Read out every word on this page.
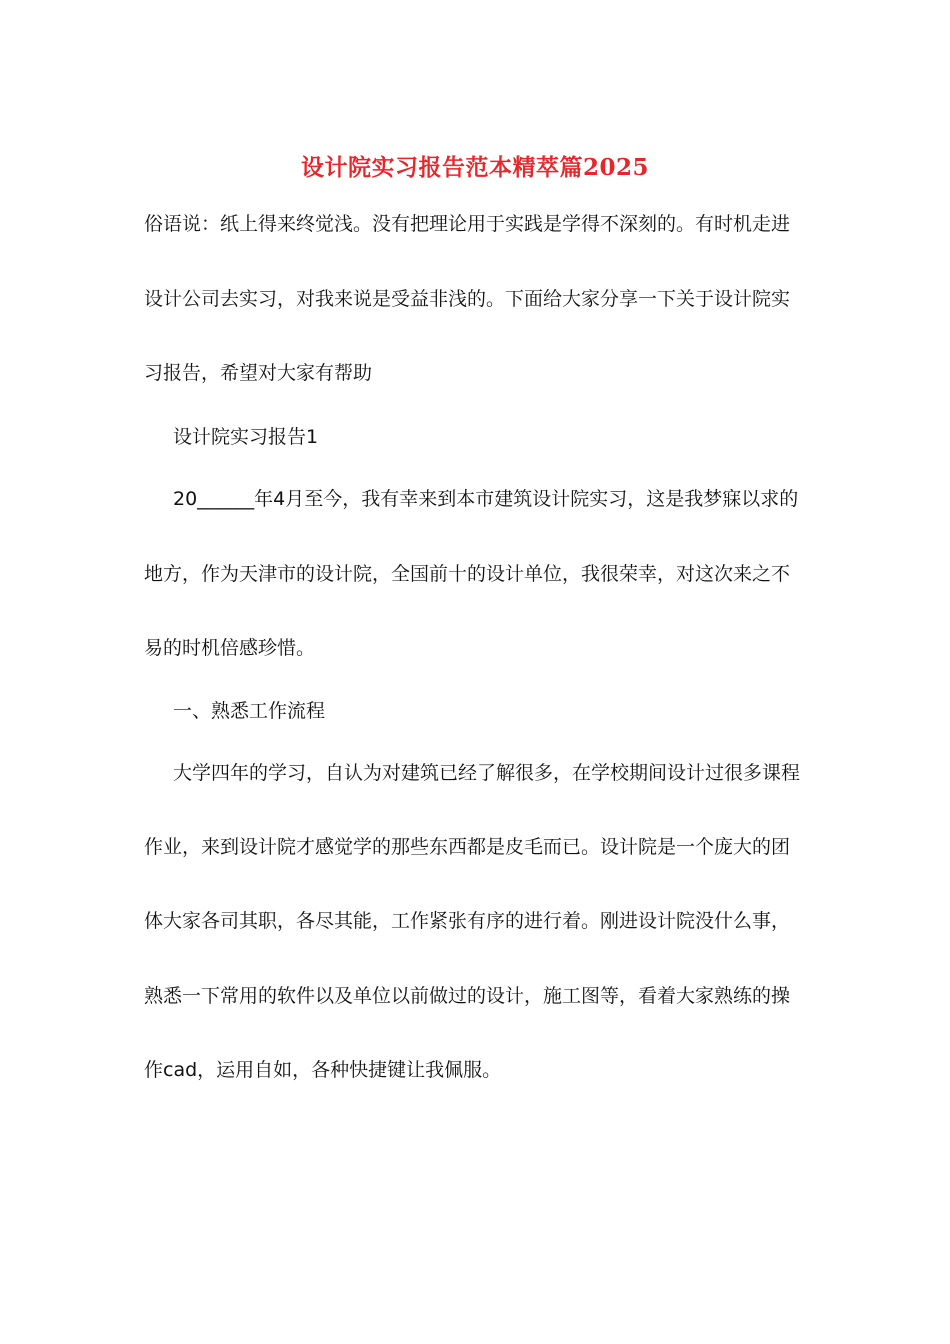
设计院实习报告范本精萃篇2025
俗语说：纸上得来终觉浅。没有把理论用于实践是学得不深刻的。有时机走进
设计公司去实习，对我来说是受益非浅的。下面给大家分享一下关于设计院实
习报告，希望对大家有帮助
设计院实习报告1
20______年4月至今，我有幸来到本市建筑设计院实习，这是我梦寐以求的
地方，作为天津市的设计院，全国前十的设计单位，我很荣幸，对这次来之不
易的时机倍感珍惜。
一、熟悉工作流程
大学四年的学习，自认为对建筑已经了解很多，在学校期间设计过很多课程
作业，来到设计院才感觉学的那些东西都是皮毛而已。设计院是一个庞大的团
体大家各司其职，各尽其能，工作紧张有序的进行着。刚进设计院没什么事，
熟悉一下常用的软件以及单位以前做过的设计，施工图等，看着大家熟练的操
作cad，运用自如，各种快捷键让我佩服。
